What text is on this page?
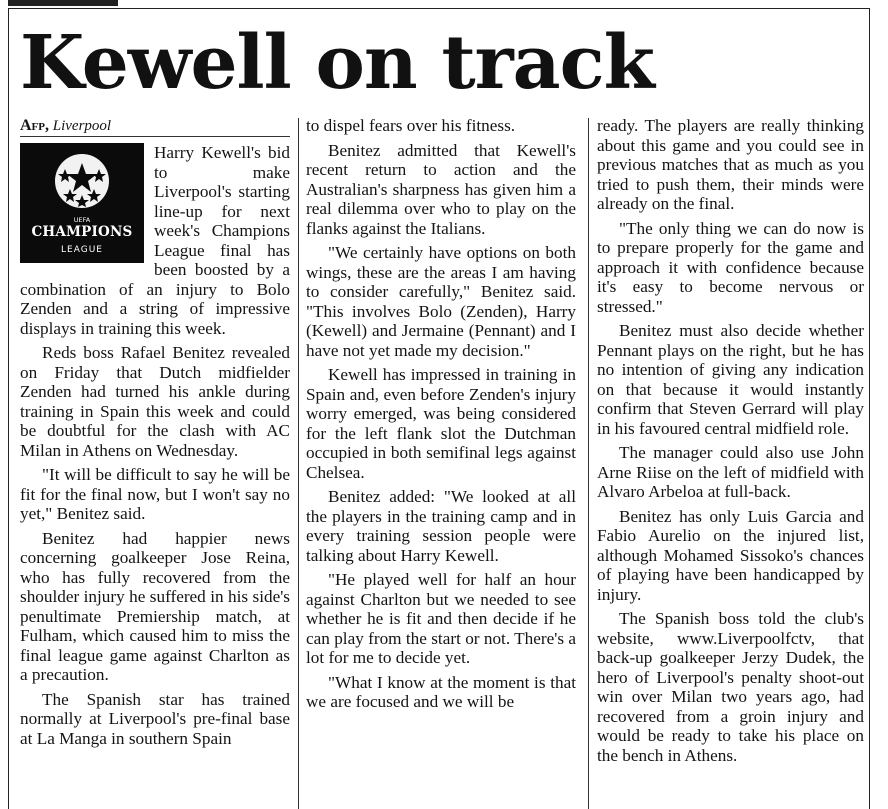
Kewell on track
Afp, Liverpool
UEFA
CHAMPIONS
LEAGUE

Harry Kewell's bid to make Liverpool's starting line-up for next week's Champions League final has been boosted by a combination of an injury to Bolo Zenden and a string of impressive displays in training this week.

Reds boss Rafael Benitez revealed on Friday that Dutch midfielder Zenden had turned his ankle during training in Spain this week and could be doubtful for the clash with AC Milan in Athens on Wednesday.

"It will be difficult to say he will be fit for the final now, but I won't say no yet," Benitez said.

Benitez had happier news concerning goalkeeper Jose Reina, who has fully recovered from the shoulder injury he suffered in his side's penultimate Premiership match, at Fulham, which caused him to miss the final league game against Charlton as a precaution.

The Spanish star has trained normally at Liverpool's pre-final base at La Manga in southern Spain

to dispel fears over his fitness.

Benitez admitted that Kewell's recent return to action and the Australian's sharpness has given him a real dilemma over who to play on the flanks against the Italians.

"We certainly have options on both wings, these are the areas I am having to consider carefully," Benitez said. "This involves Bolo (Zenden), Harry (Kewell) and Jermaine (Pennant) and I have not yet made my decision."

Kewell has impressed in training in Spain and, even before Zenden's injury worry emerged, was being considered for the left flank slot the Dutchman occupied in both semifinal legs against Chelsea.

Benitez added: "We looked at all the players in the training camp and in every training session people were talking about Harry Kewell.

"He played well for half an hour against Charlton but we needed to see whether he is fit and then decide if he can play from the start or not. There's a lot for me to decide yet.

"What I know at the moment is that we are focused and we will be

ready. The players are really thinking about this game and you could see in previous matches that as much as you tried to push them, their minds were already on the final.

"The only thing we can do now is to prepare properly for the game and approach it with confidence because it's easy to become nervous or stressed."

Benitez must also decide whether Pennant plays on the right, but he has no intention of giving any indication on that because it would instantly confirm that Steven Gerrard will play in his favoured central midfield role.

The manager could also use John Arne Riise on the left of midfield with Alvaro Arbeloa at full-back.

Benitez has only Luis Garcia and Fabio Aurelio on the injured list, although Mohamed Sissoko's chances of playing have been handicapped by injury.

The Spanish boss told the club's website, www.Liverpoolfctv, that back-up goalkeeper Jerzy Dudek, the hero of Liverpool's penalty shoot-out win over Milan two years ago, had recovered from a groin injury and would be ready to take his place on the bench in Athens.
